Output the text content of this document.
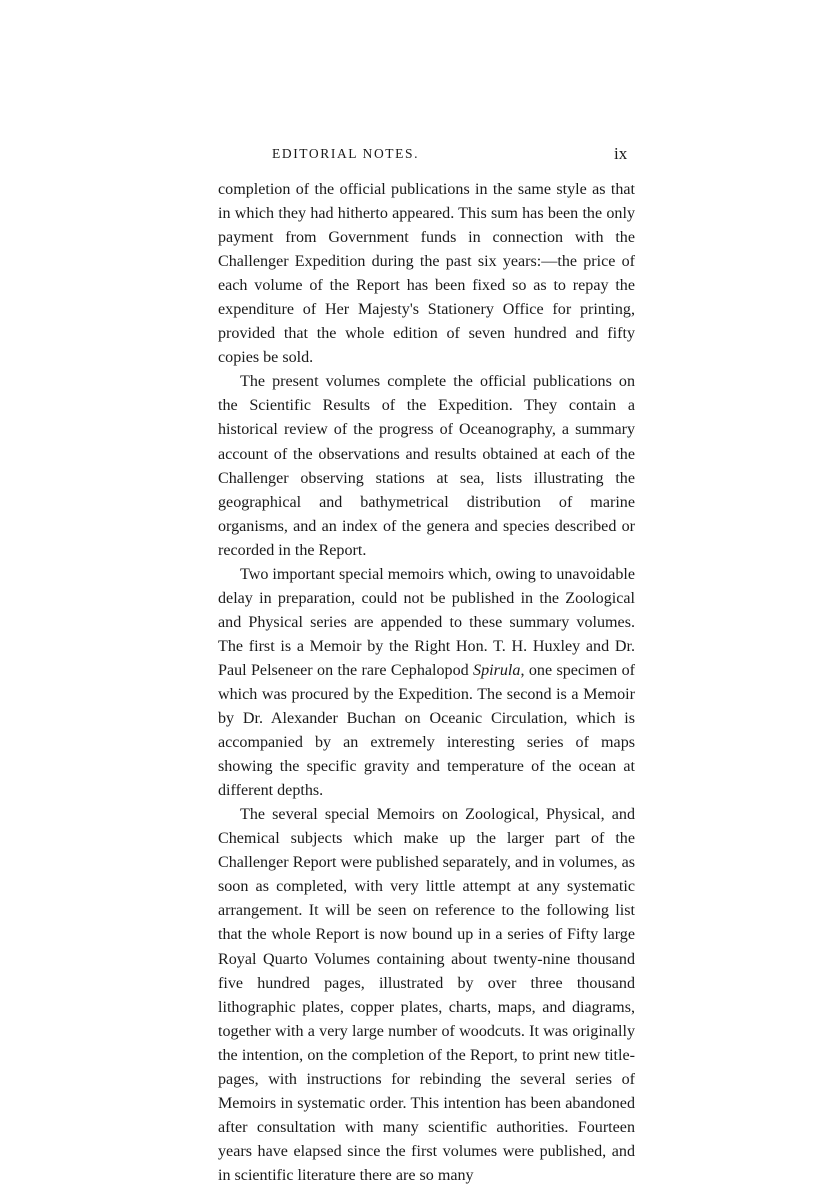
EDITORIAL NOTES.	ix

completion of the official publications in the same style as that in which they had hitherto appeared. This sum has been the only payment from Government funds in connection with the Challenger Expedition during the past six years:—the price of each volume of the Report has been fixed so as to repay the expenditure of Her Majesty's Stationery Office for printing, provided that the whole edition of seven hundred and fifty copies be sold.

The present volumes complete the official publications on the Scientific Results of the Expedition. They contain a historical review of the progress of Oceanography, a summary account of the observations and results obtained at each of the Challenger observing stations at sea, lists illustrating the geographical and bathymetrical distribution of marine organisms, and an index of the genera and species described or recorded in the Report.

Two important special memoirs which, owing to unavoidable delay in preparation, could not be published in the Zoological and Physical series are appended to these summary volumes. The first is a Memoir by the Right Hon. T. H. Huxley and Dr. Paul Pelseneer on the rare Cephalopod Spirula, one specimen of which was procured by the Expedition. The second is a Memoir by Dr. Alexander Buchan on Oceanic Circulation, which is accompanied by an extremely interesting series of maps showing the specific gravity and temperature of the ocean at different depths.

The several special Memoirs on Zoological, Physical, and Chemical subjects which make up the larger part of the Challenger Report were published separately, and in volumes, as soon as completed, with very little attempt at any systematic arrangement. It will be seen on reference to the following list that the whole Report is now bound up in a series of Fifty large Royal Quarto Volumes containing about twenty-nine thousand five hundred pages, illustrated by over three thousand lithographic plates, copper plates, charts, maps, and diagrams, together with a very large number of woodcuts. It was originally the intention, on the completion of the Report, to print new title-pages, with instructions for rebinding the several series of Memoirs in systematic order. This intention has been abandoned after consultation with many scientific authorities. Fourteen years have elapsed since the first volumes were published, and in scientific literature there are so many
